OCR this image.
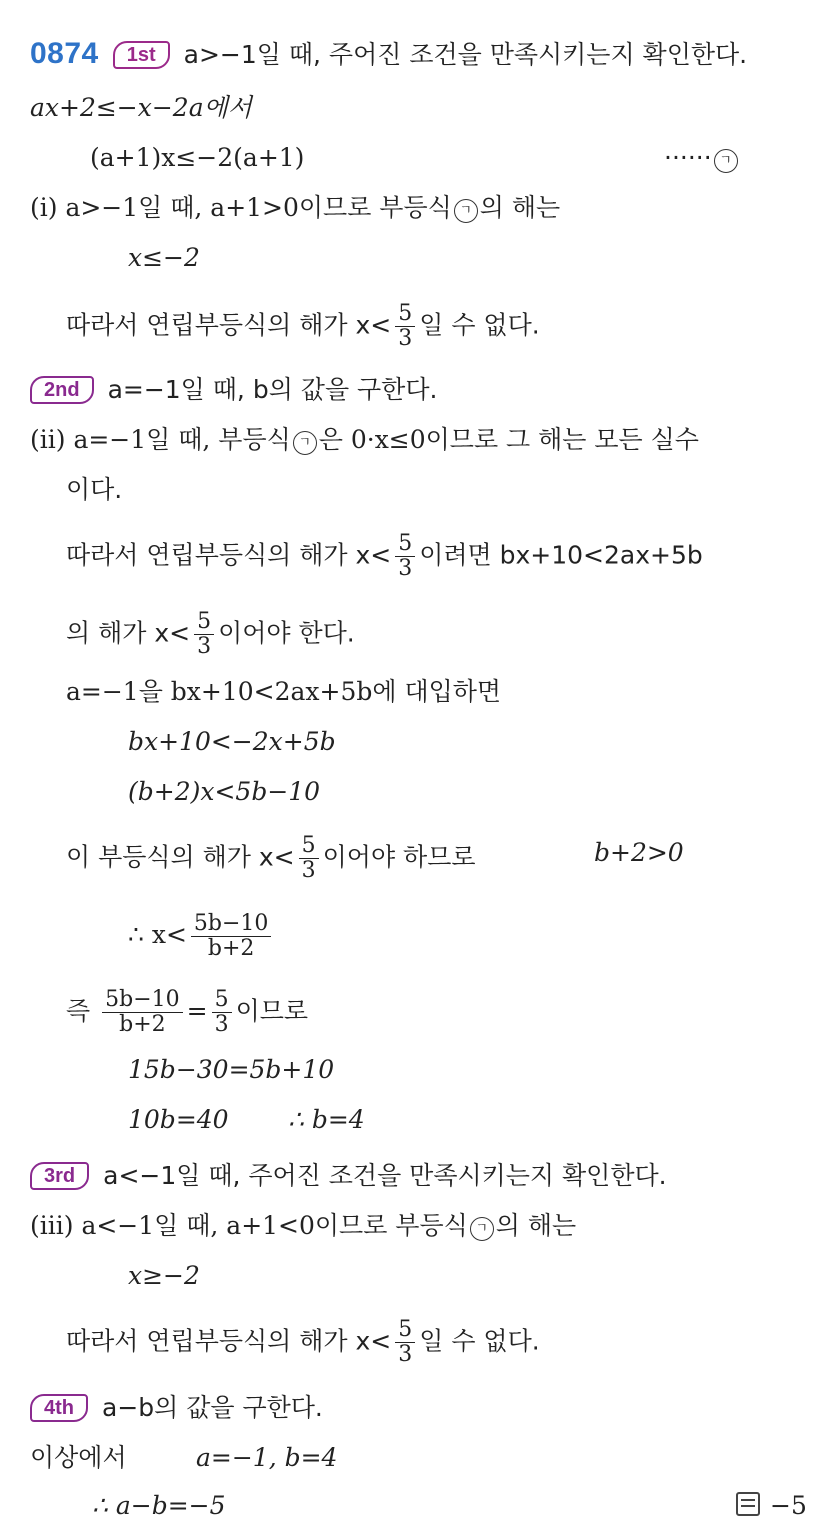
0874 1st a>−1일 때, 주어진 조건을 만족시키는지 확인한다.
ax+2≤−x−2a에서
(a+1)x≤−2(a+1)	······ ㄱ
(i) a>−1일 때, a+1>0이므로 부등식 ㄱ 의 해는
x≤−2
따라서 연립부등식의 해가 $x< \frac{5}{3}$ 일 수 없다.
2nd a=−1일 때, b의 값을 구한다.
(ii) a=−1일 때, 부등식 ㄱ 은 0·x≤0이므로 그 해는 모든 실수
이다.
따라서 연립부등식의 해가 $x< \frac{5}{3}$ 이려면 bx+10<2ax+5b
의 해가 $x< \frac{5}{3}$ 이어야 한다.
a=−1을 bx+10<2ax+5b에 대입하면
bx+10<−2x+5b
(b+2)x<5b−10
이 부등식의 해가 $x< \frac{5}{3}$ 이어야 하므로	b+2>0
∴ $x< \frac{5b-10}{b+2}$
즉 $\frac{5b-10}{b+2} = \frac{5}{3}$ 이므로
15b−30=5b+10
10b=40 ∴ b=4
3rd a<−1일 때, 주어진 조건을 만족시키는지 확인한다.
(iii) a<−1일 때, a+1<0이므로 부등식 ㄱ 의 해는
x≥−2
따라서 연립부등식의 해가 $x< \frac{5}{3}$ 일 수 없다.
4th a−b의 값을 구한다.
이상에서	a=−1, b=4
∴ a−b=−5	−5
